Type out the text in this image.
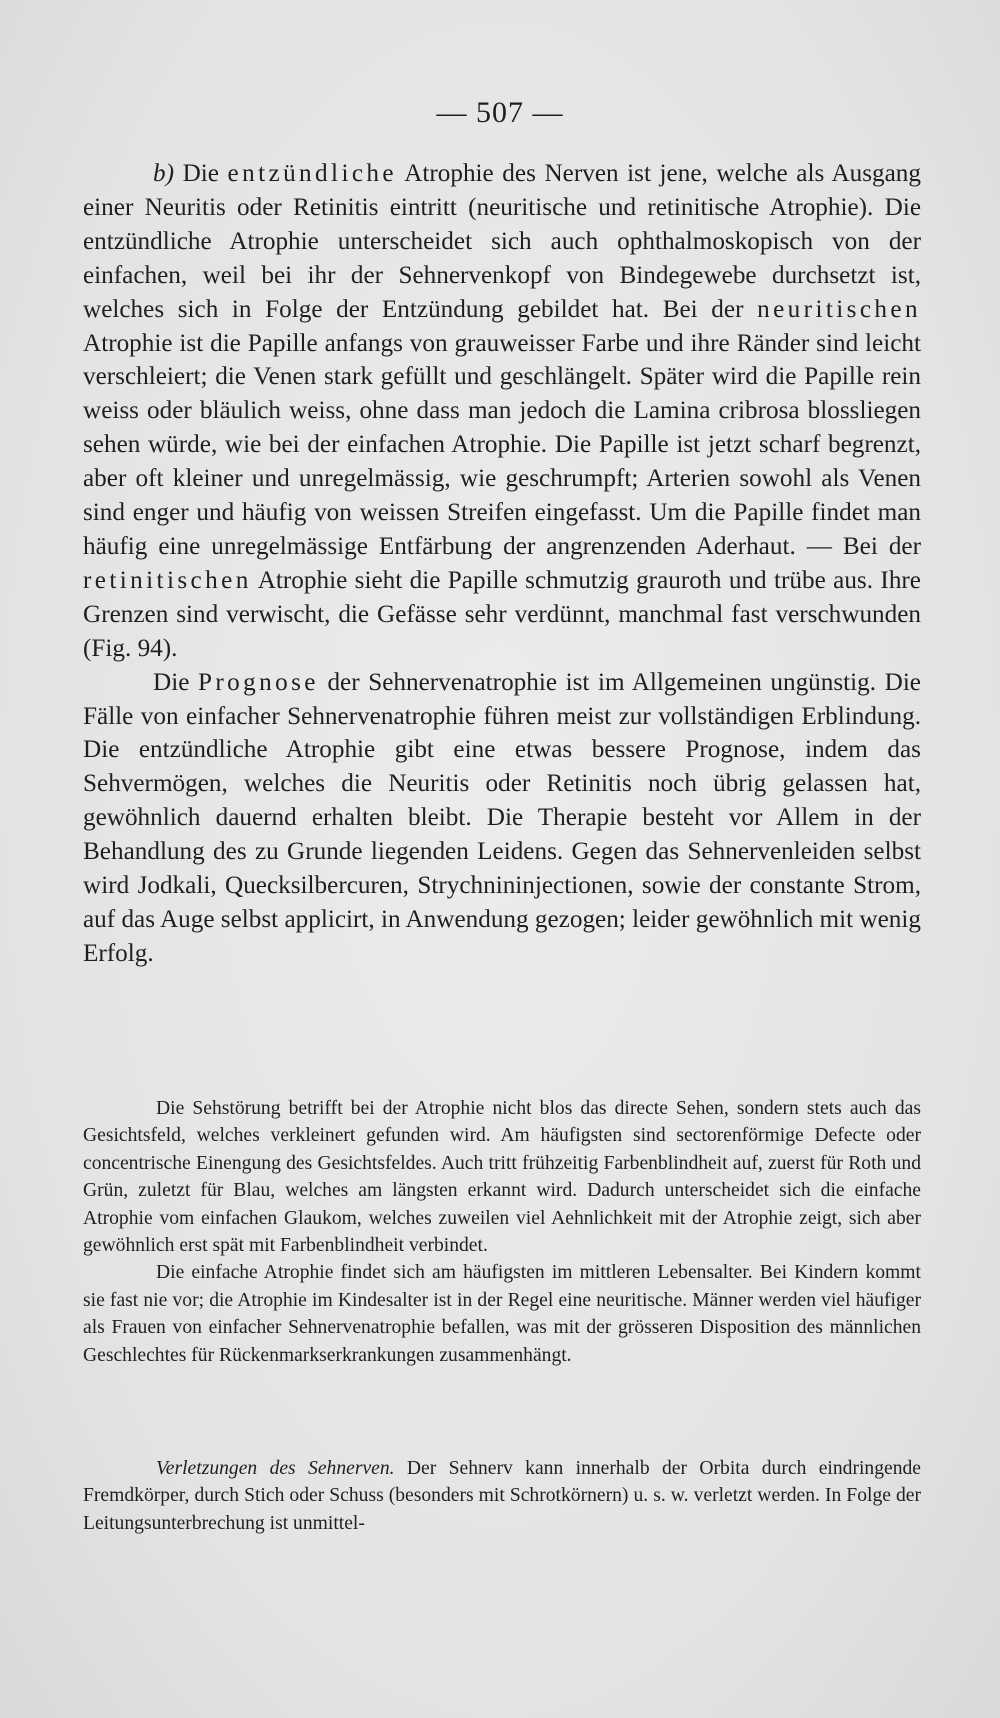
— 507 —

b) Die entzündliche Atrophie des Nerven ist jene, welche als Ausgang einer Neuritis oder Retinitis eintritt (neuritische und retinitische Atrophie). Die entzündliche Atrophie unterscheidet sich auch ophthalmoskopisch von der einfachen, weil bei ihr der Sehnervenkopf von Bindegewebe durchsetzt ist, welches sich in Folge der Entzündung gebildet hat. Bei der neuritischen Atrophie ist die Papille anfangs von grauweisser Farbe und ihre Ränder sind leicht verschleiert; die Venen stark gefüllt und geschlängelt. Später wird die Papille rein weiss oder bläulich weiss, ohne dass man jedoch die Lamina cribrosa blossliegen sehen würde, wie bei der einfachen Atrophie. Die Papille ist jetzt scharf begrenzt, aber oft kleiner und unregelmässig, wie geschrumpft; Arterien sowohl als Venen sind enger und häufig von weissen Streifen eingefasst. Um die Papille findet man häufig eine unregelmässige Entfärbung der angrenzenden Aderhaut. — Bei der retinitischen Atrophie sieht die Papille schmutzig grauroth und trübe aus. Ihre Grenzen sind verwischt, die Gefässe sehr verdünnt, manchmal fast verschwunden (Fig. 94).

Die Prognose der Sehnervenatrophie ist im Allgemeinen ungünstig. Die Fälle von einfacher Sehnervenatrophie führen meist zur vollständigen Erblindung. Die entzündliche Atrophie gibt eine etwas bessere Prognose, indem das Sehvermögen, welches die Neuritis oder Retinitis noch übrig gelassen hat, gewöhnlich dauernd erhalten bleibt. Die Therapie besteht vor Allem in der Behandlung des zu Grunde liegenden Leidens. Gegen das Sehnervenleiden selbst wird Jodkali, Quecksilbercuren, Strychnininjectionen, sowie der constante Strom, auf das Auge selbst applicirt, in Anwendung gezogen; leider gewöhnlich mit wenig Erfolg.

Die Sehstörung betrifft bei der Atrophie nicht blos das directe Sehen, sondern stets auch das Gesichtsfeld, welches verkleinert gefunden wird. Am häufigsten sind sectorenförmige Defecte oder concentrische Einengung des Gesichtsfeldes. Auch tritt frühzeitig Farbenblindheit auf, zuerst für Roth und Grün, zuletzt für Blau, welches am längsten erkannt wird. Dadurch unterscheidet sich die einfache Atrophie vom einfachen Glaukom, welches zuweilen viel Aehnlichkeit mit der Atrophie zeigt, sich aber gewöhnlich erst spät mit Farbenblindheit verbindet.

Die einfache Atrophie findet sich am häufigsten im mittleren Lebensalter. Bei Kindern kommt sie fast nie vor; die Atrophie im Kindesalter ist in der Regel eine neuritische. Männer werden viel häufiger als Frauen von einfacher Sehnervenatrophie befallen, was mit der grösseren Disposition des männlichen Geschlechtes für Rückenmarkserkrankungen zusammenhängt.

Verletzungen des Sehnerven. Der Sehnerv kann innerhalb der Orbita durch eindringende Fremdkörper, durch Stich oder Schuss (besonders mit Schrotkörnern) u. s. w. verletzt werden. In Folge der Leitungsunterbrechung ist unmittel-
